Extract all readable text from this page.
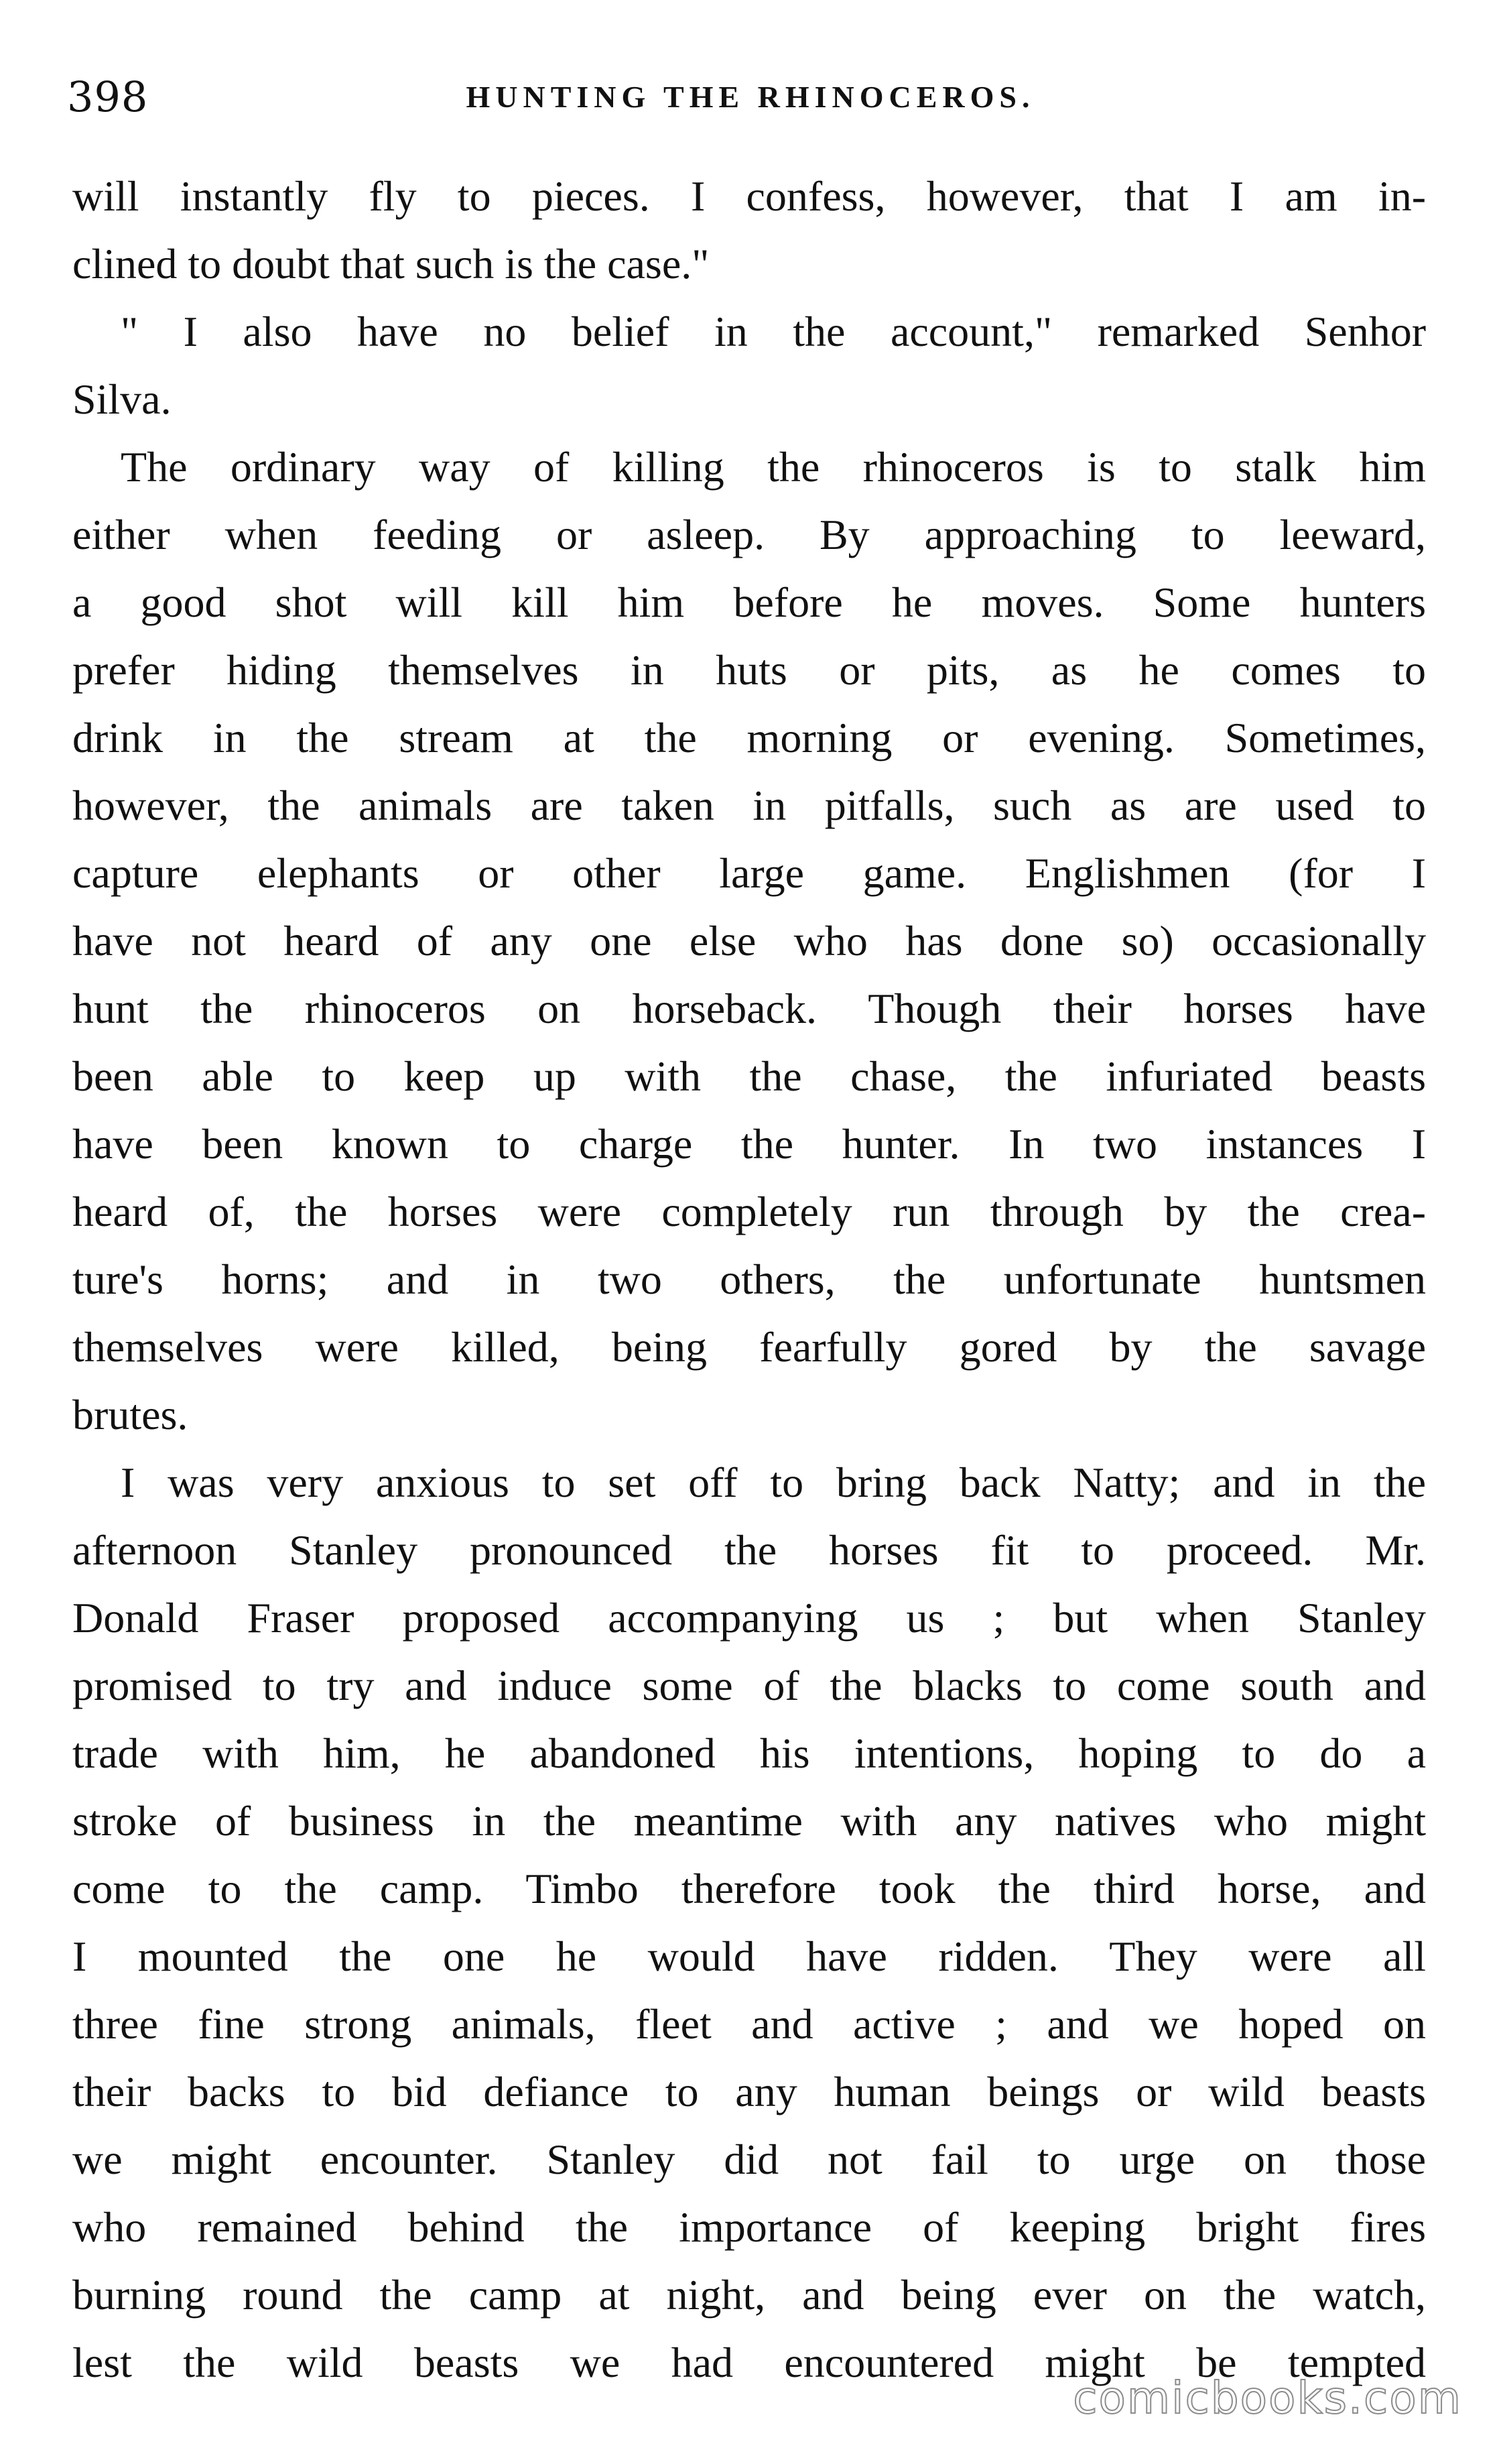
398	HUNTING THE RHINOCEROS.
will instantly fly to pieces. I confess, however, that I am in-
clined to doubt that such is the case."
" I also have no belief in the account," remarked Senhor
Silva.
The ordinary way of killing the rhinoceros is to stalk him
either when feeding or asleep. By approaching to leeward,
a good shot will kill him before he moves. Some hunters
prefer hiding themselves in huts or pits, as he comes to
drink in the stream at the morning or evening. Sometimes,
however, the animals are taken in pitfalls, such as are used to
capture elephants or other large game. Englishmen (for I
have not heard of any one else who has done so) occasionally
hunt the rhinoceros on horseback. Though their horses have
been able to keep up with the chase, the infuriated beasts
have been known to charge the hunter. In two instances I
heard of, the horses were completely run through by the crea-
ture's horns; and in two others, the unfortunate huntsmen
themselves were killed, being fearfully gored by the savage
brutes.
I was very anxious to set off to bring back Natty; and in the
afternoon Stanley pronounced the horses fit to proceed. Mr.
Donald Fraser proposed accompanying us ; but when Stanley
promised to try and induce some of the blacks to come south and
trade with him, he abandoned his intentions, hoping to do a
stroke of business in the meantime with any natives who might
come to the camp. Timbo therefore took the third horse, and
I mounted the one he would have ridden. They were all
three fine strong animals, fleet and active ; and we hoped on
their backs to bid defiance to any human beings or wild beasts
we might encounter. Stanley did not fail to urge on those
who remained behind the importance of keeping bright fires
burning round the camp at night, and being ever on the watch,
lest the wild beasts we had encountered might be tempted
comicbooks.com
